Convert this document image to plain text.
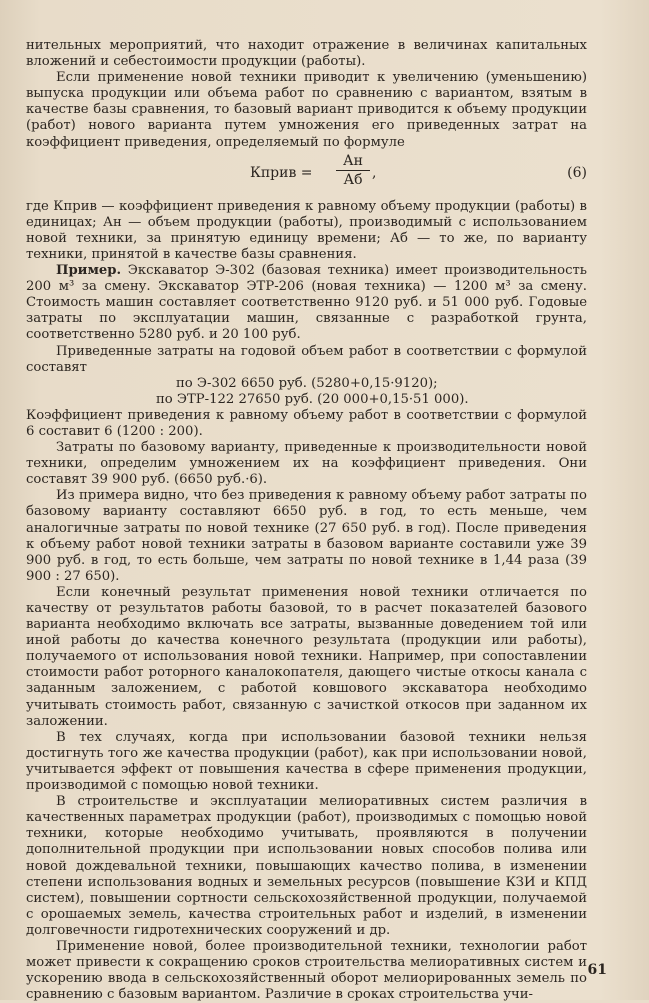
нительных мероприятий, что находит отражение в величинах капитальных вложений и себестоимости продукции (работы).

Если применение новой техники приводит к увеличению (уменьшению) выпуска продукции или объема работ по сравнению с вариантом, взятым в качестве базы сравнения, то базовый вариант приводится к объему продукции (работ) нового варианта путем умножения его приведенных затрат на коэффициент приведения, определяемый по формуле

Кприв =
Ан
Аб ,	(6)

где Кприв — коэффициент приведения к равному объему продукции (работы) в единицах; Ан — объем продукции (работы), производимый с использованием новой техники, за принятую единицу времени; Аб — то же, по варианту техники, принятой в качестве базы сравнения.

Пример. Экскаватор Э-302 (базовая техника) имеет производительность 200 м³ за смену. Экскаватор ЭТР-206 (новая техника) — 1200 м³ за смену. Стоимость машин составляет соответственно 9120 руб. и 51 000 руб. Годовые затраты по эксплуатации машин, связанные с разработкой грунта, соответственно 5280 руб. и 20 100 руб.

Приведенные затраты на годовой объем работ в соответствии с формулой составят

по Э-302 6650 руб. (5280+0,15·9120);

по ЭТР-122 27650 руб. (20 000+0,15·51 000).

Коэффициент приведения к равному объему работ в соответствии с формулой 6 составит 6 (1200 : 200).

Затраты по базовому варианту, приведенные к производительности новой техники, определим умножением их на коэффициент приведения. Они составят 39 900 руб. (6650 руб.·6).

Из примера видно, что без приведения к равному объему работ затраты по базовому варианту составляют 6650 руб. в год, то есть меньше, чем аналогичные затраты по новой технике (27 650 руб. в год). После приведения к объему работ новой техники затраты в базовом варианте составили уже 39 900 руб. в год, то есть больше, чем затраты по новой технике в 1,44 раза (39 900 : 27 650).

Если конечный результат применения новой техники отличается по качеству от результатов работы базовой, то в расчет показателей базового варианта необходимо включать все затраты, вызванные доведением той или иной работы до качества конечного результата (продукции или работы), получаемого от использования новой техники. Например, при сопоставлении стоимости работ роторного каналокопателя, дающего чистые откосы канала с заданным заложением, с работой ковшового экскаватора необходимо учитывать стоимость работ, связанную с зачисткой откосов при заданном их заложении.

В тех случаях, когда при использовании базовой техники нельзя достигнуть того же качества продукции (работ), как при использовании новой, учитывается эффект от повышения качества в сфере применения продукции, производимой с помощью новой техники.

В строительстве и эксплуатации мелиоративных систем различия в качественных параметрах продукции (работ), производимых с помощью новой техники, которые необходимо учитывать, проявляются в получении дополнительной продукции при использовании новых способов полива или новой дождевальной техники, повышающих качество полива, в изменении степени использования водных и земельных ресурсов (повышение КЗИ и КПД систем), повышении сортности сельскохозяйственной продукции, получаемой с орошаемых земель, качества строительных работ и изделий, в изменении долговечности гидротехнических сооружений и др.

Применение новой, более производительной техники, технологии работ может привести к сокращению сроков строительства мелиоративных систем и ускорению ввода в сельскохозяйственный оборот мелиорированных земель по сравнению с базовым вариантом. Различие в сроках строительства учи-

61
